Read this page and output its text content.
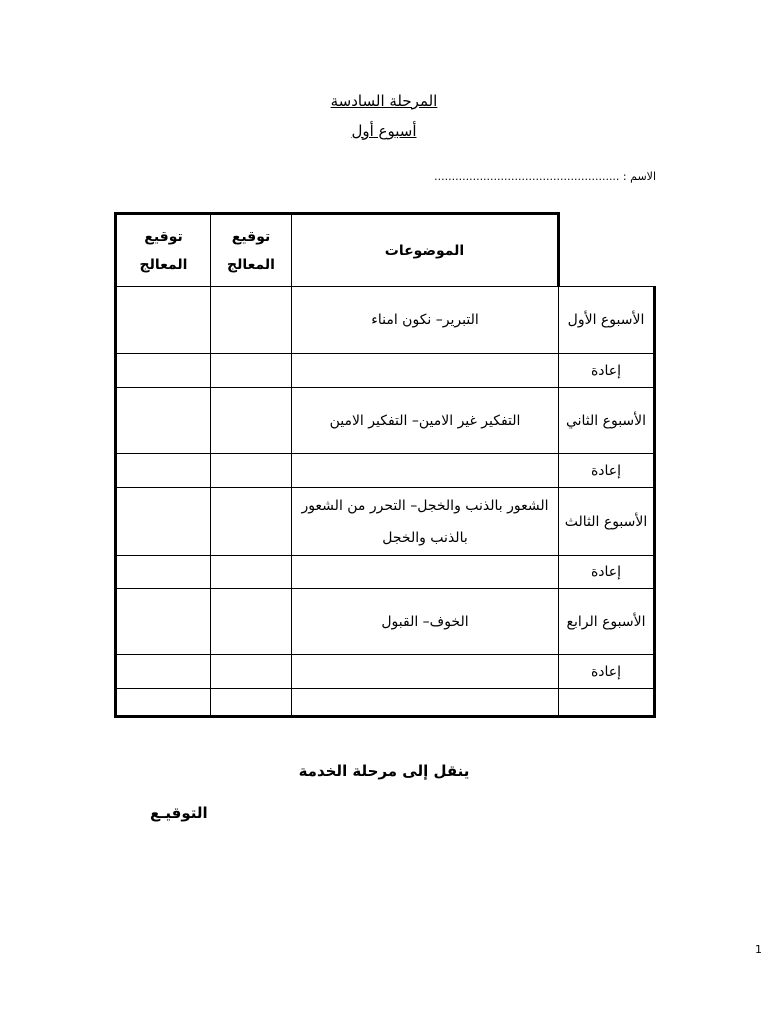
المرحلة السادسة
أسبوع أول
الاسم : .....................................................
توقيع المعالج	توقيع المعالج	الموضوعات	
		التبرير– نكون امناء	الأسبوع الأول
			إعادة
		التفكير غير الامين– التفكير الامين	الأسبوع الثاني
			إعادة
		الشعور بالذنب والخجل– التحرر من الشعور بالذنب والخجل	الأسبوع الثالث
			إعادة
		الخوف– القبول	الأسبوع الرابع
			إعادة

ينقل إلى مرحلة الخدمة
التوقيـع
1
